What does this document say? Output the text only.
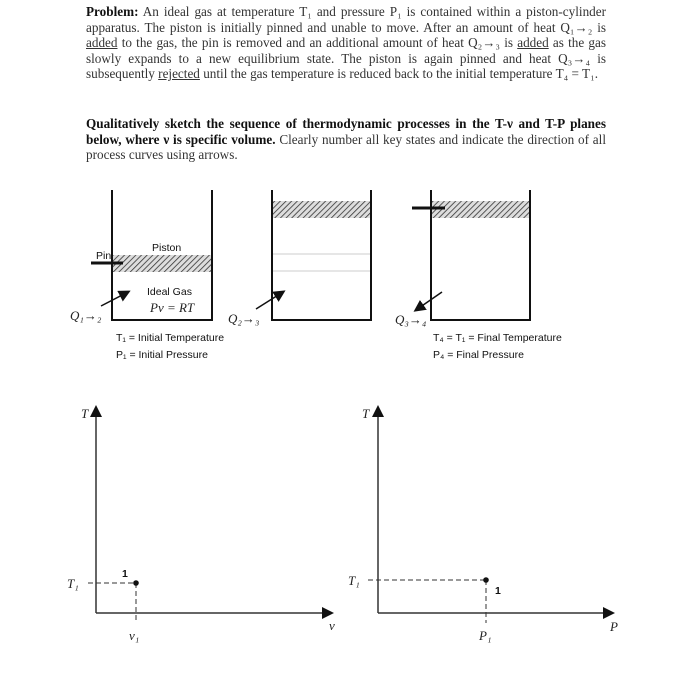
Problem: An ideal gas at temperature T₁ and pressure P₁ is contained within a piston-cylinder apparatus. The piston is initially pinned and unable to move. After an amount of heat Q₁→₂ is added to the gas, the pin is removed and an additional amount of heat Q₂→₃ is added as the gas slowly expands to a new equilibrium state. The piston is again pinned and heat Q₃→₄ is subsequently rejected until the gas temperature is reduced back to the initial temperature T₄ = T₁.
Qualitatively sketch the sequence of thermodynamic processes in the T-ν and T-P planes below, where ν is specific volume. Clearly number all key states and indicate the direction of all process curves using arrows.
Pin
Piston
Ideal Gas
Pv = RT
Q₁→₂
T₁ = Initial Temperature
P₁ = Initial Pressure
Q₂→₃	Q₃→₄
T₄ = T₁ = Final Temperature
P₄ = Final Pressure
T
v
T₁
v₁
1
T
P
T₁
P₁
1
